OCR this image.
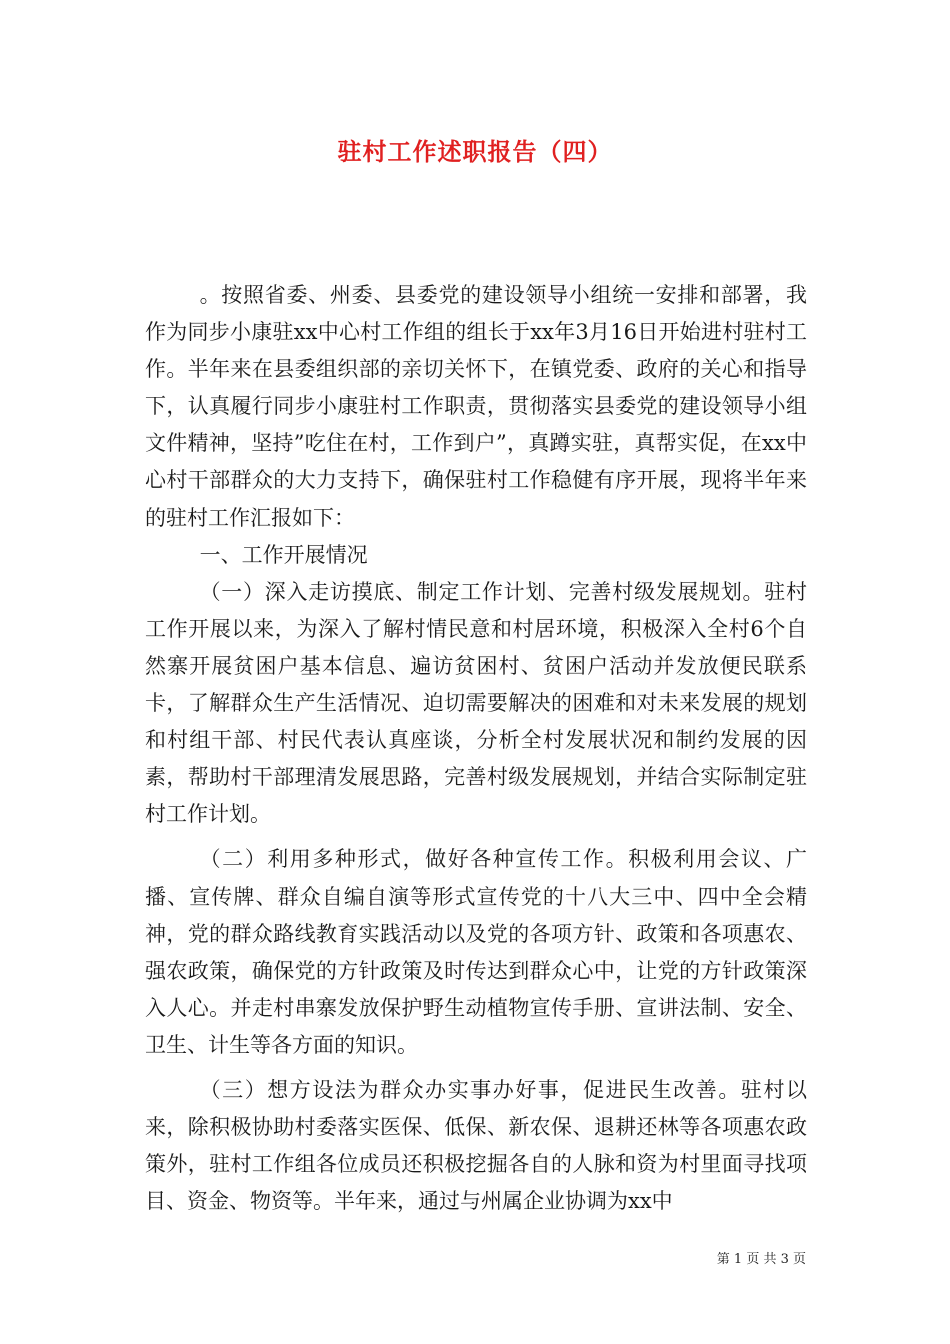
驻村工作述职报告（四）

。按照省委、州委、县委党的建设领导小组统一安排和部署，我作为同步小康驻xx中心村工作组的组长于xx年3月16日开始进村驻村工作。半年来在县委组织部的亲切关怀下，在镇党委、政府的关心和指导下，认真履行同步小康驻村工作职责，贯彻落实县委党的建设领导小组文件精神，坚持”吃住在村，工作到户”，真蹲实驻，真帮实促，在xx中心村干部群众的大力支持下，确保驻村工作稳健有序开展，现将半年来的驻村工作汇报如下：

一、工作开展情况

（一）深入走访摸底、制定工作计划、完善村级发展规划。驻村工作开展以来，为深入了解村情民意和村居环境，积极深入全村6个自然寨开展贫困户基本信息、遍访贫困村、贫困户活动并发放便民联系卡，了解群众生产生活情况、迫切需要解决的困难和对未来发展的规划和村组干部、村民代表认真座谈，分析全村发展状况和制约发展的因素，帮助村干部理清发展思路，完善村级发展规划，并结合实际制定驻村工作计划。

（二）利用多种形式，做好各种宣传工作。积极利用会议、广播、宣传牌、群众自编自演等形式宣传党的十八大三中、四中全会精神，党的群众路线教育实践活动以及党的各项方针、政策和各项惠农、强农政策，确保党的方针政策及时传达到群众心中，让党的方针政策深入人心。并走村串寨发放保护野生动植物宣传手册、宣讲法制、安全、卫生、计生等各方面的知识。

（三）想方设法为群众办实事办好事，促进民生改善。驻村以来，除积极协助村委落实医保、低保、新农保、退耕还林等各项惠农政策外，驻村工作组各位成员还积极挖掘各自的人脉和资为村里面寻找项目、资金、物资等。半年来，通过与州属企业协调为xx中

第 1 页 共 3 页
